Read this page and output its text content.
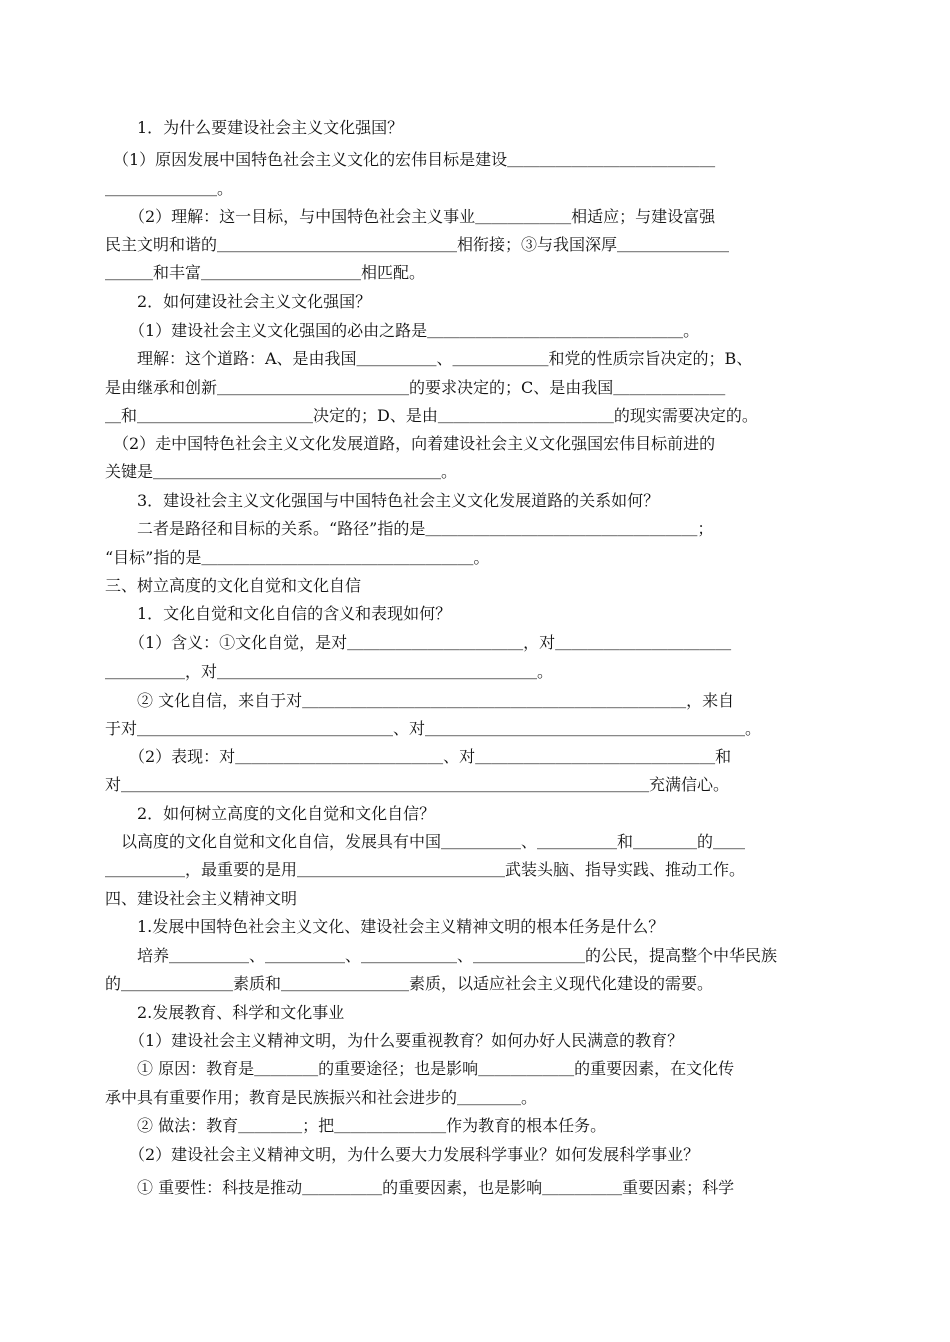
　　1．为什么要建设社会主义文化强国？
　（1）原因发展中国特色社会主义文化的宏伟目标是建设＿＿＿＿＿＿＿＿＿＿＿＿＿
＿＿＿＿＿＿＿。
　　（2）理解：这一目标，与中国特色社会主义事业＿＿＿＿＿＿相适应；与建设富强
民主文明和谐的＿＿＿＿＿＿＿＿＿＿＿＿＿＿＿相衔接；③与我国深厚＿＿＿＿＿＿＿
＿＿＿和丰富＿＿＿＿＿＿＿＿＿＿相匹配。
　　2．如何建设社会主义文化强国？
　　（1）建设社会主义文化强国的必由之路是＿＿＿＿＿＿＿＿＿＿＿＿＿＿＿＿。
　　理解：这个道路：A、是由我国＿＿＿＿＿、＿＿＿＿＿＿和党的性质宗旨决定的；B、
是由继承和创新＿＿＿＿＿＿＿＿＿＿＿＿的要求决定的；C、是由我国＿＿＿＿＿＿＿
＿和＿＿＿＿＿＿＿＿＿＿＿决定的；D、是由＿＿＿＿＿＿＿＿＿＿＿的现实需要决定的。
　（2）走中国特色社会主义文化发展道路，向着建设社会主义文化强国宏伟目标前进的
关键是＿＿＿＿＿＿＿＿＿＿＿＿＿＿＿＿＿＿。
　　3．建设社会主义文化强国与中国特色社会主义文化发展道路的关系如何？
　　二者是路径和目标的关系。“路径”指的是＿＿＿＿＿＿＿＿＿＿＿＿＿＿＿＿＿；
“目标”指的是＿＿＿＿＿＿＿＿＿＿＿＿＿＿＿＿＿。
三、树立高度的文化自觉和文化自信
　　1．文化自觉和文化自信的含义和表现如何？
　　（1）含义：①文化自觉，是对＿＿＿＿＿＿＿＿＿＿＿，对＿＿＿＿＿＿＿＿＿＿＿
＿＿＿＿＿，对＿＿＿＿＿＿＿＿＿＿＿＿＿＿＿＿＿＿＿＿。
　　② 文化自信，来自于对＿＿＿＿＿＿＿＿＿＿＿＿＿＿＿＿＿＿＿＿＿＿＿＿，来自
于对＿＿＿＿＿＿＿＿＿＿＿＿＿＿＿＿、对＿＿＿＿＿＿＿＿＿＿＿＿＿＿＿＿＿＿＿＿。
　　（2）表现：对＿＿＿＿＿＿＿＿＿＿＿＿＿、对＿＿＿＿＿＿＿＿＿＿＿＿＿＿＿和
对＿＿＿＿＿＿＿＿＿＿＿＿＿＿＿＿＿＿＿＿＿＿＿＿＿＿＿＿＿＿＿＿＿充满信心。
　　2．如何树立高度的文化自觉和文化自信？
　以高度的文化自觉和文化自信，发展具有中国＿＿＿＿＿、＿＿＿＿＿和＿＿＿＿的＿＿
＿＿＿＿＿，最重要的是用＿＿＿＿＿＿＿＿＿＿＿＿＿武装头脑、指导实践、推动工作。
四、建设社会主义精神文明
　　1.发展中国特色社会主义文化、建设社会主义精神文明的根本任务是什么？
　　培养＿＿＿＿＿、＿＿＿＿＿、＿＿＿＿＿＿、＿＿＿＿＿＿＿的公民，提高整个中华民族
的＿＿＿＿＿＿＿素质和＿＿＿＿＿＿＿＿素质，以适应社会主义现代化建设的需要。
　　2.发展教育、科学和文化事业
　　（1）建设社会主义精神文明，为什么要重视教育？如何办好人民满意的教育？
　　① 原因：教育是＿＿＿＿的重要途径；也是影响＿＿＿＿＿＿的重要因素，在文化传
承中具有重要作用；教育是民族振兴和社会进步的＿＿＿＿。
　　② 做法：教育＿＿＿＿；把＿＿＿＿＿＿＿作为教育的根本任务。
　　（2）建设社会主义精神文明，为什么要大力发展科学事业？如何发展科学事业？
　　① 重要性：科技是推动＿＿＿＿＿的重要因素，也是影响＿＿＿＿＿重要因素；科学
